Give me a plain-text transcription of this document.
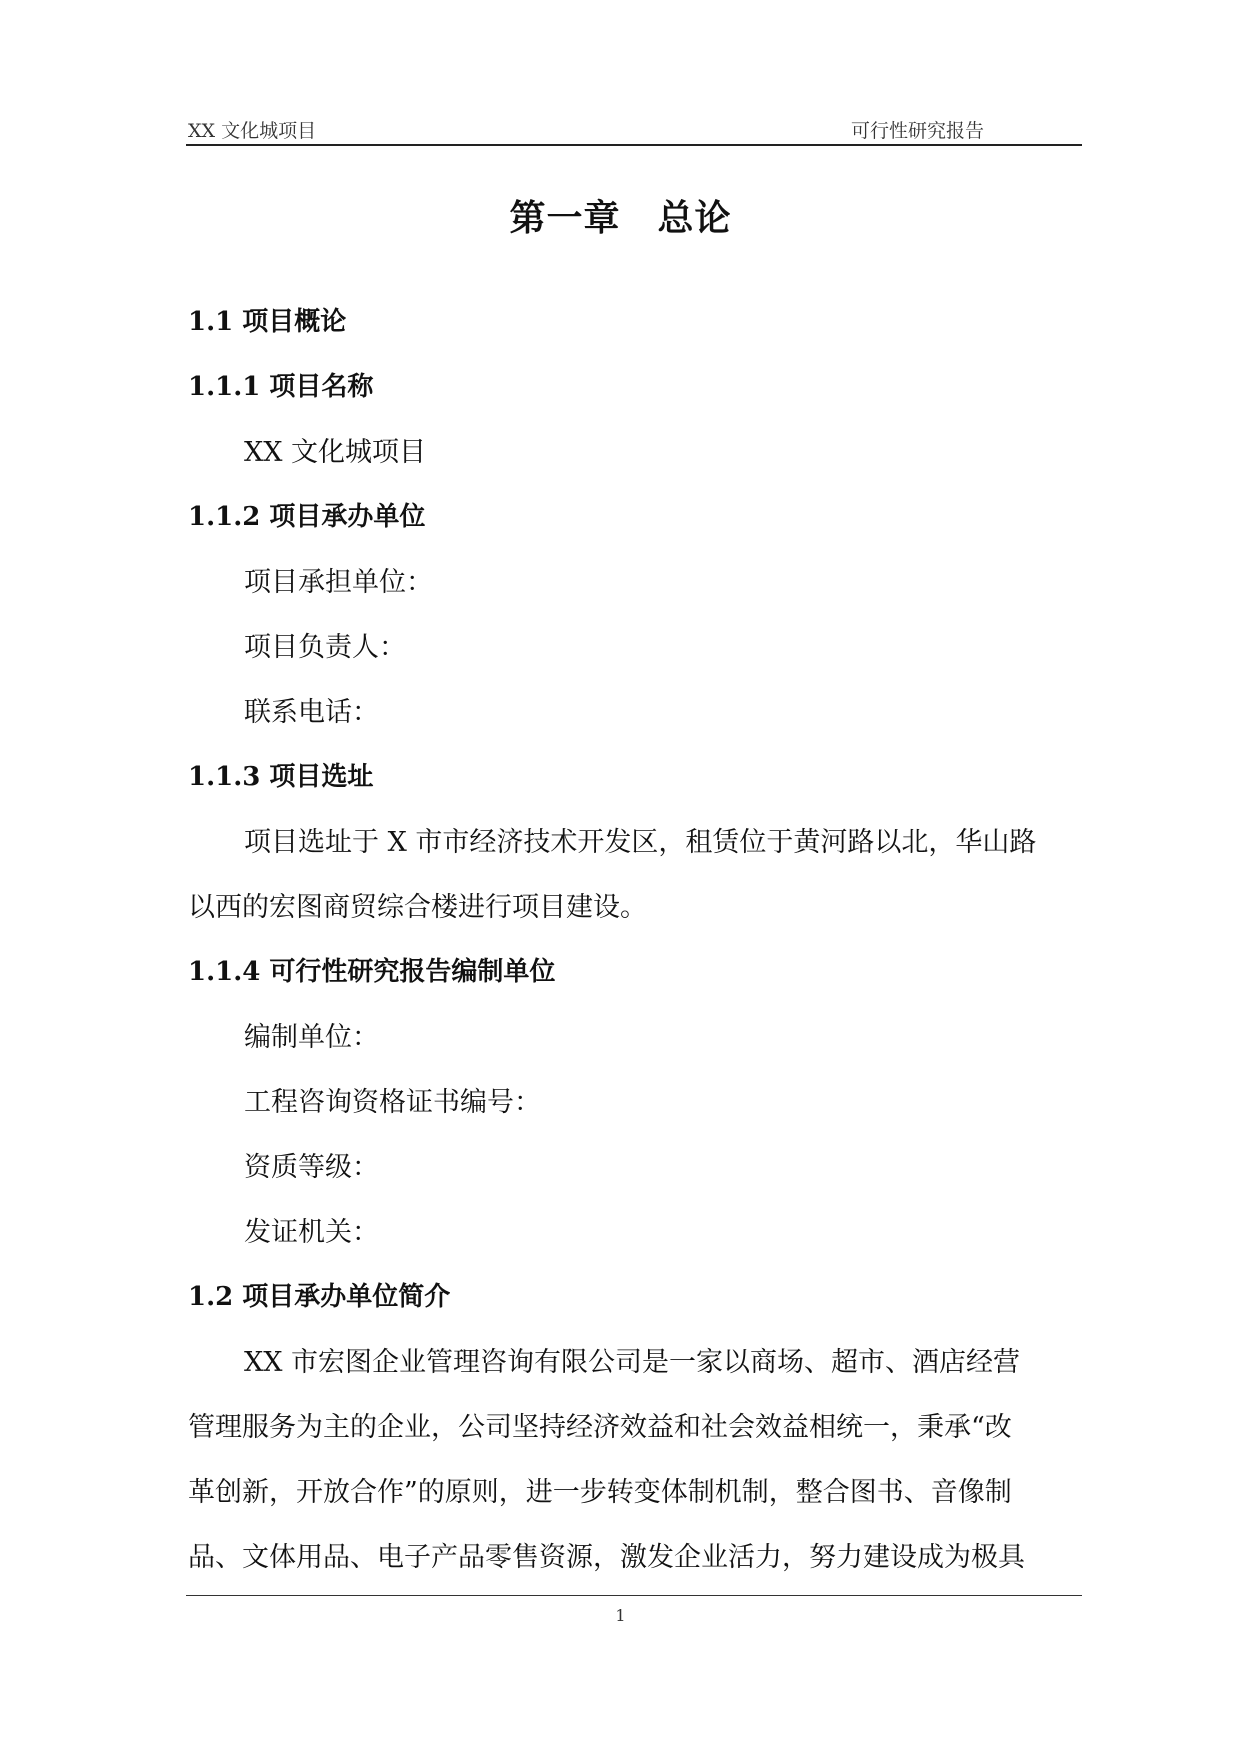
XX 文化城项目	可行性研究报告
第一章　总论
1.1 项目概论
1.1.1 项目名称
XX 文化城项目
1.1.2 项目承办单位
项目承担单位：
项目负责人：
联系电话：
1.1.3 项目选址
项目选址于 X 市市经济技术开发区，租赁位于黄河路以北，华山路
以西的宏图商贸综合楼进行项目建设。
1.1.4 可行性研究报告编制单位
编制单位：
工程咨询资格证书编号：
资质等级：
发证机关：
1.2 项目承办单位简介
XX 市宏图企业管理咨询有限公司是一家以商场、超市、酒店经营
管理服务为主的企业，公司坚持经济效益和社会效益相统一，秉承“改
革创新，开放合作”的原则，进一步转变体制机制，整合图书、音像制
品、文体用品、电子产品零售资源，激发企业活力，努力建设成为极具
1
